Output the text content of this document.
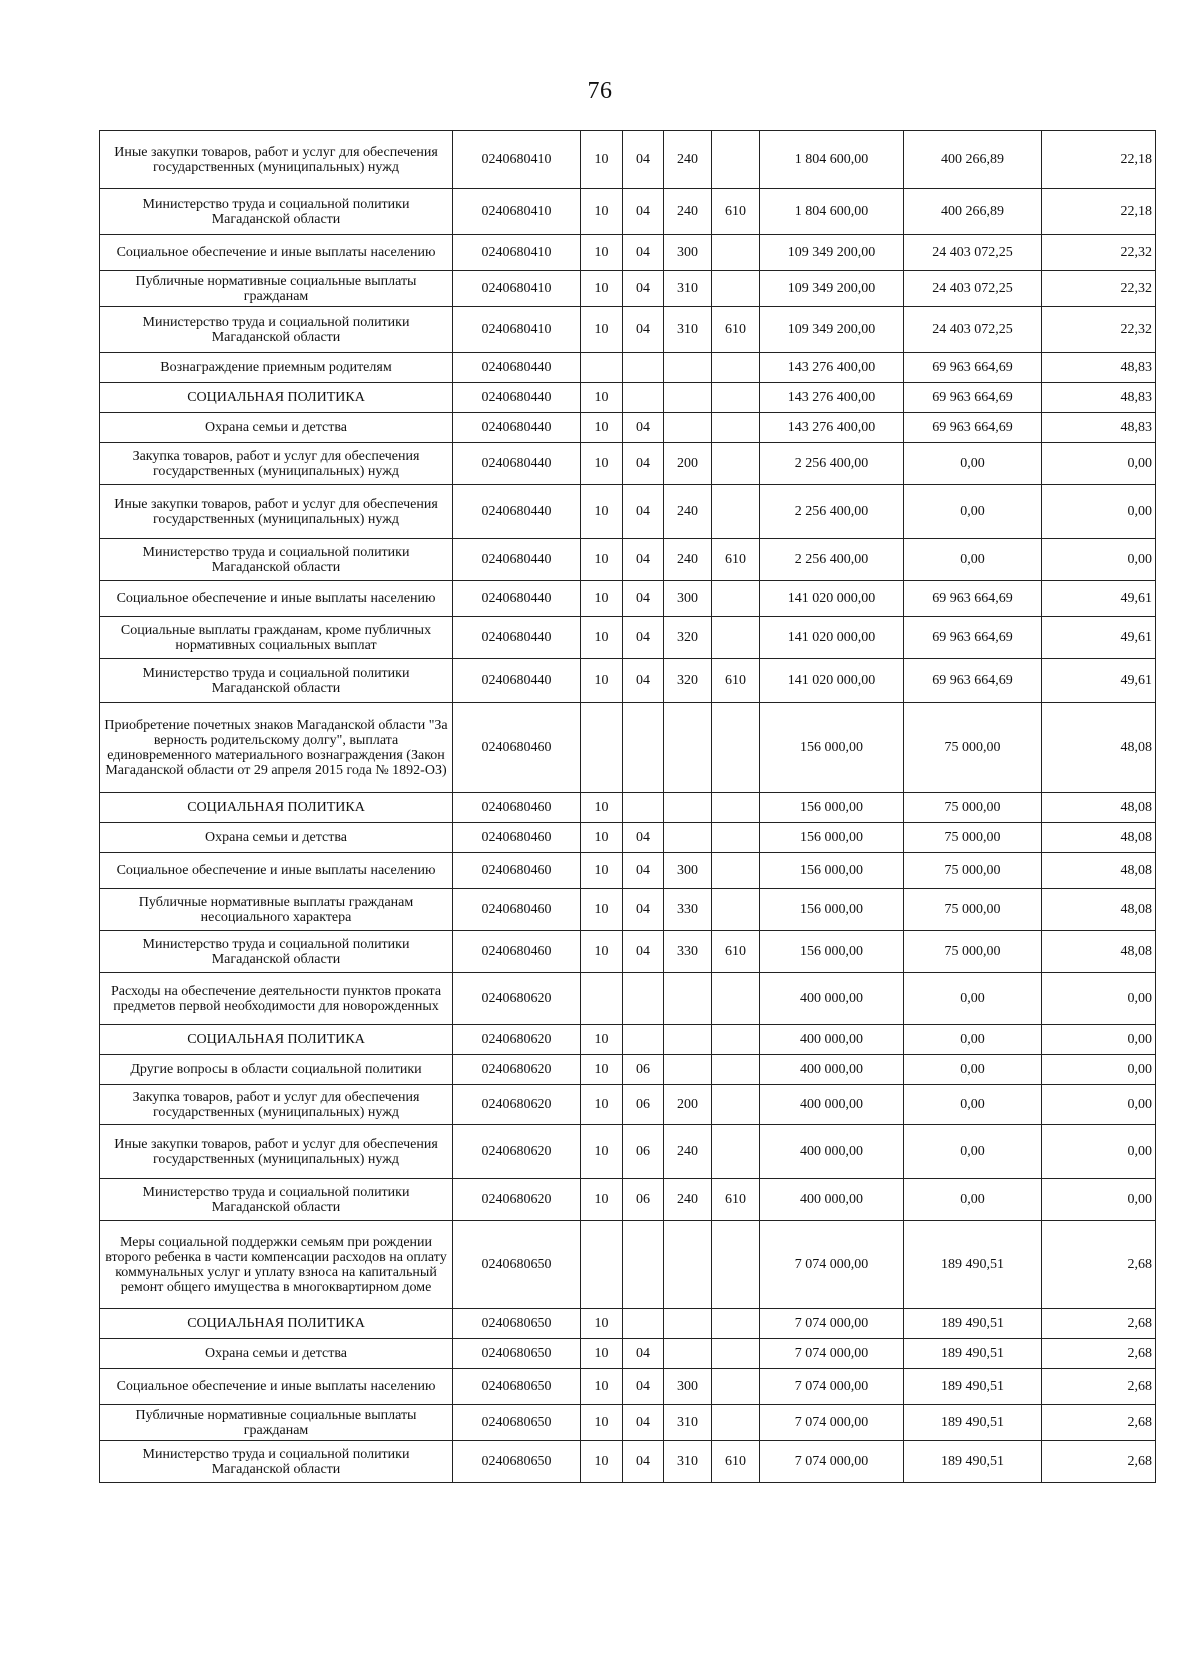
76
Иные закупки товаров, работ и услуг для обеспечения государственных (муниципальных) нужд	0240680410	10	04	240		1 804 600,00	400 266,89	22,18
Министерство труда и социальной политики Магаданской области	0240680410	10	04	240	610	1 804 600,00	400 266,89	22,18
Социальное обеспечение и иные выплаты населению	0240680410	10	04	300		109 349 200,00	24 403 072,25	22,32
Публичные нормативные социальные выплаты гражданам	0240680410	10	04	310		109 349 200,00	24 403 072,25	22,32
Министерство труда и социальной политики Магаданской области	0240680410	10	04	310	610	109 349 200,00	24 403 072,25	22,32
Вознаграждение приемным родителям	0240680440					143 276 400,00	69 963 664,69	48,83
СОЦИАЛЬНАЯ ПОЛИТИКА	0240680440	10				143 276 400,00	69 963 664,69	48,83
Охрана семьи и детства	0240680440	10	04			143 276 400,00	69 963 664,69	48,83
Закупка товаров, работ и услуг для обеспечения государственных (муниципальных) нужд	0240680440	10	04	200		2 256 400,00	0,00	0,00
Иные закупки товаров, работ и услуг для обеспечения государственных (муниципальных) нужд	0240680440	10	04	240		2 256 400,00	0,00	0,00
Министерство труда и социальной политики Магаданской области	0240680440	10	04	240	610	2 256 400,00	0,00	0,00
Социальное обеспечение и иные выплаты населению	0240680440	10	04	300		141 020 000,00	69 963 664,69	49,61
Социальные выплаты гражданам, кроме публичных нормативных социальных выплат	0240680440	10	04	320		141 020 000,00	69 963 664,69	49,61
Министерство труда и социальной политики Магаданской области	0240680440	10	04	320	610	141 020 000,00	69 963 664,69	49,61
Приобретение почетных знаков Магаданской области "За верность родительскому долгу", выплата единовременного материального вознаграждения (Закон Магаданской области от 29 апреля 2015 года № 1892-ОЗ)	0240680460					156 000,00	75 000,00	48,08
СОЦИАЛЬНАЯ ПОЛИТИКА	0240680460	10				156 000,00	75 000,00	48,08
Охрана семьи и детства	0240680460	10	04			156 000,00	75 000,00	48,08
Социальное обеспечение и иные выплаты населению	0240680460	10	04	300		156 000,00	75 000,00	48,08
Публичные нормативные выплаты гражданам несоциального характера	0240680460	10	04	330		156 000,00	75 000,00	48,08
Министерство труда и социальной политики Магаданской области	0240680460	10	04	330	610	156 000,00	75 000,00	48,08
Расходы на обеспечение деятельности пунктов проката предметов первой необходимости для новорожденных	0240680620					400 000,00	0,00	0,00
СОЦИАЛЬНАЯ ПОЛИТИКА	0240680620	10				400 000,00	0,00	0,00
Другие вопросы в области социальной политики	0240680620	10	06			400 000,00	0,00	0,00
Закупка товаров, работ и услуг для обеспечения государственных (муниципальных) нужд	0240680620	10	06	200		400 000,00	0,00	0,00
Иные закупки товаров, работ и услуг для обеспечения государственных (муниципальных) нужд	0240680620	10	06	240		400 000,00	0,00	0,00
Министерство труда и социальной политики Магаданской области	0240680620	10	06	240	610	400 000,00	0,00	0,00
Меры социальной поддержки семьям при рождении второго ребенка в части компенсации расходов на оплату коммунальных услуг и уплату взноса на капитальный ремонт общего имущества в многоквартирном доме	0240680650					7 074 000,00	189 490,51	2,68
СОЦИАЛЬНАЯ ПОЛИТИКА	0240680650	10				7 074 000,00	189 490,51	2,68
Охрана семьи и детства	0240680650	10	04			7 074 000,00	189 490,51	2,68
Социальное обеспечение и иные выплаты населению	0240680650	10	04	300		7 074 000,00	189 490,51	2,68
Публичные нормативные социальные выплаты гражданам	0240680650	10	04	310		7 074 000,00	189 490,51	2,68
Министерство труда и социальной политики Магаданской области	0240680650	10	04	310	610	7 074 000,00	189 490,51	2,68
